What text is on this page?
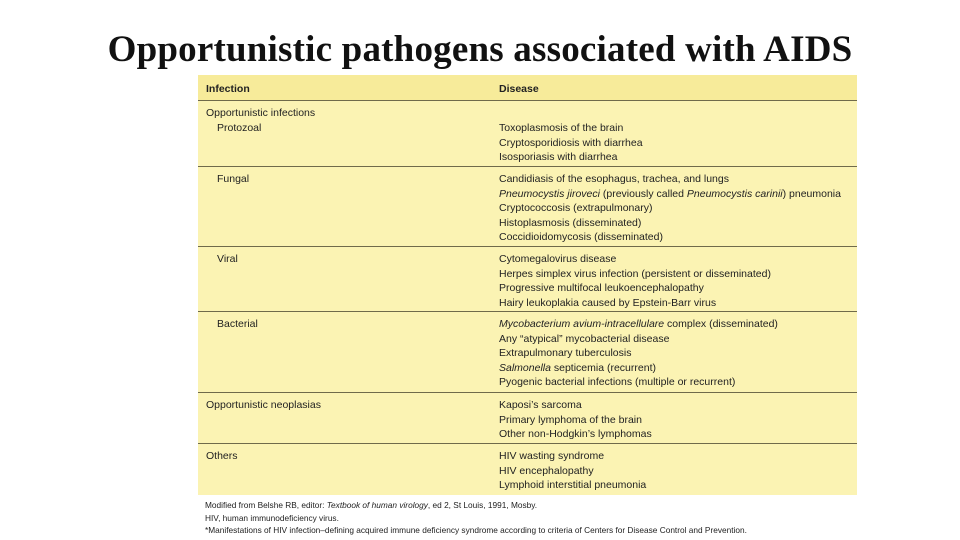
Opportunistic pathogens associated with AIDS
Infection	Disease
Opportunistic infections
Protozoal	Toxoplasmosis of the brain
Cryptosporidiosis with diarrhea
Isosporiasis with diarrhea
Fungal	Candidiasis of the esophagus, trachea, and lungs
Pneumocystis jiroveci (previously called Pneumocystis carinii) pneumonia
Cryptococcosis (extrapulmonary)
Histoplasmosis (disseminated)
Coccidioidomycosis (disseminated)
Viral	Cytomegalovirus disease
Herpes simplex virus infection (persistent or disseminated)
Progressive multifocal leukoencephalopathy
Hairy leukoplakia caused by Epstein-Barr virus
Bacterial	Mycobacterium avium-intracellulare complex (disseminated)
Any “atypical” mycobacterial disease
Extrapulmonary tuberculosis
Salmonella septicemia (recurrent)
Pyogenic bacterial infections (multiple or recurrent)
Opportunistic neoplasias	Kaposi’s sarcoma
Primary lymphoma of the brain
Other non-Hodgkin’s lymphomas
Others	HIV wasting syndrome
HIV encephalopathy
Lymphoid interstitial pneumonia
Modified from Belshe RB, editor: Textbook of human virology, ed 2, St Louis, 1991, Mosby.
HIV, human immunodeficiency virus.
*Manifestations of HIV infection–defining acquired immune deficiency syndrome according to criteria of Centers for Disease Control and Prevention.
